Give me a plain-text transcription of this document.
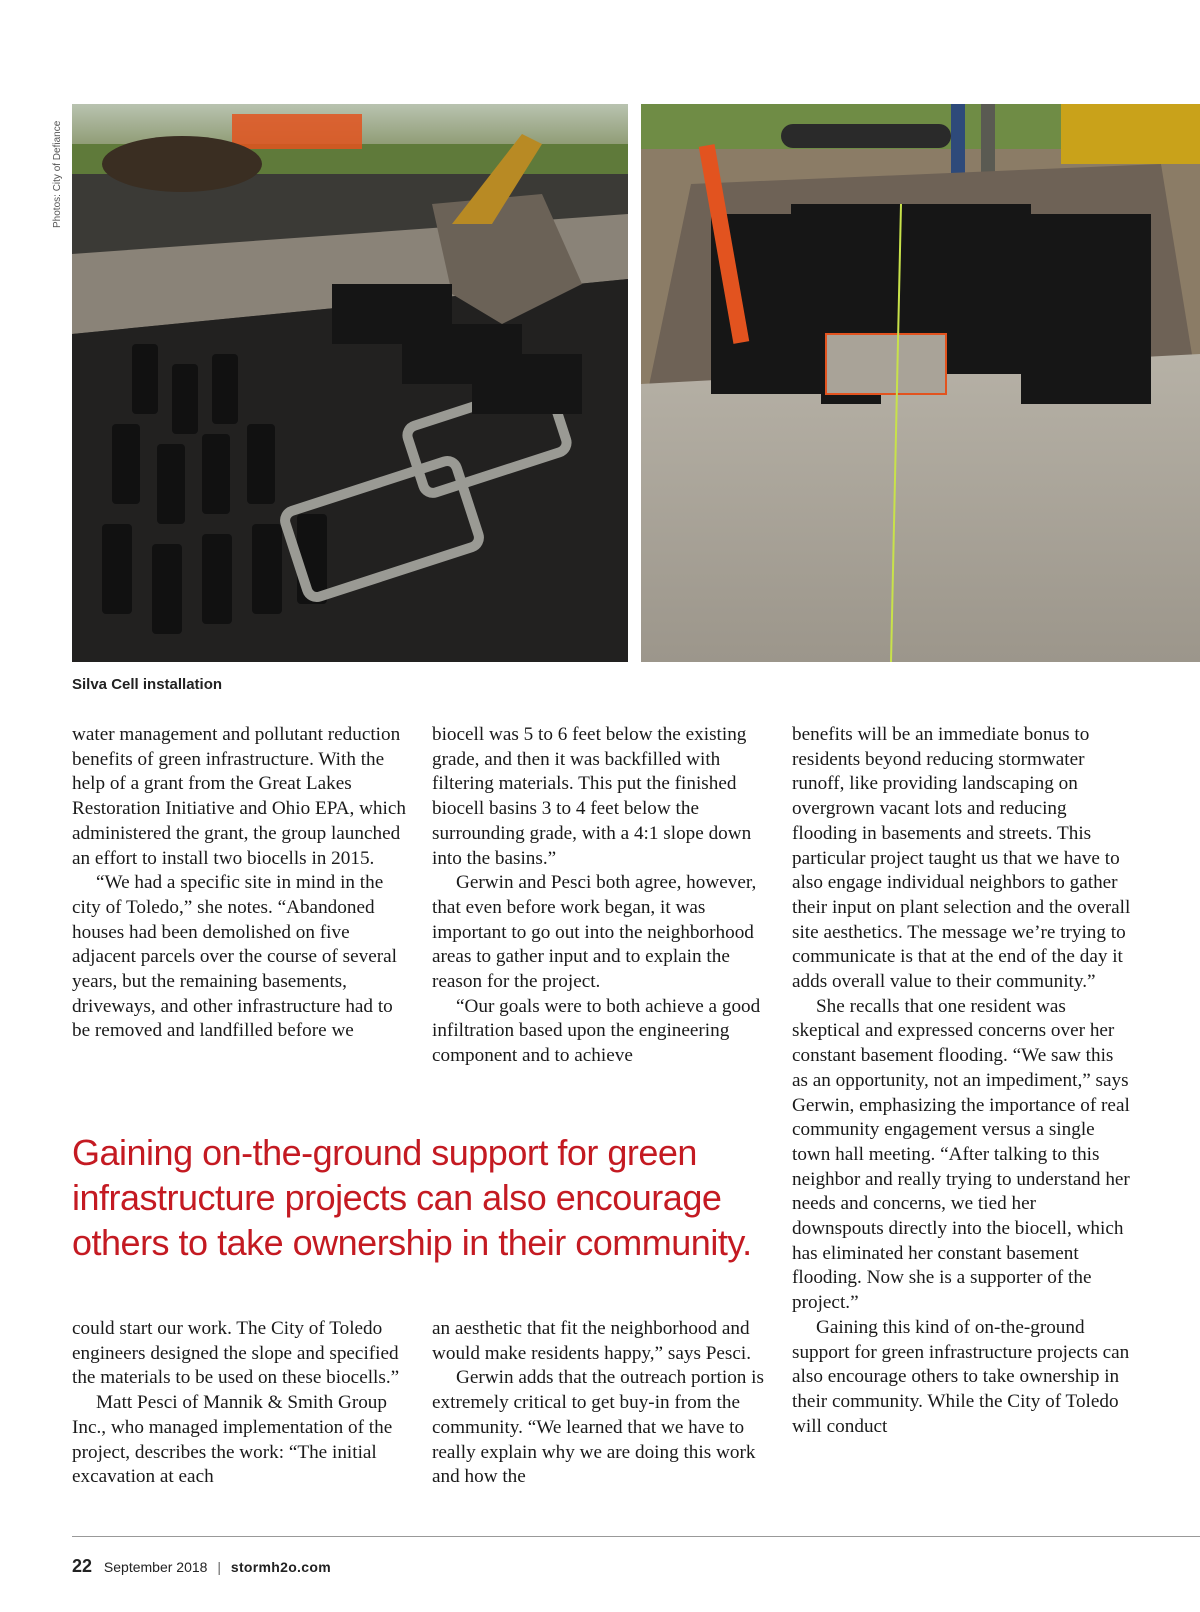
Photos: City of Defiance
Silva Cell installation

water management and pollutant reduction benefits of green infrastructure. With the help of a grant from the Great Lakes Restoration Initiative and Ohio EPA, which administered the grant, the group launched an effort to install two biocells in 2015.

“We had a specific site in mind in the city of Toledo,” she notes. “Abandoned houses had been demolished on five adjacent parcels over the course of several years, but the remaining basements, driveways, and other infrastructure had to be removed and landfilled before we

biocell was 5 to 6 feet below the existing grade, and then it was backfilled with filtering materials. This put the finished biocell basins 3 to 4 feet below the surrounding grade, with a 4:1 slope down into the basins.”

Gerwin and Pesci both agree, however, that even before work began, it was important to go out into the neighborhood areas to gather input and to explain the reason for the project.

“Our goals were to both achieve a good infiltration based upon the engineering component and to achieve

benefits will be an immediate bonus to residents beyond reducing stormwater runoff, like providing landscaping on overgrown vacant lots and reducing flooding in basements and streets. This particular project taught us that we have to also engage individual neighbors to gather their input on plant selection and the overall site aesthetics. The message we’re trying to communicate is that at the end of the day it adds overall value to their community.”

She recalls that one resident was skeptical and expressed concerns over her constant basement flooding. “We saw this as an opportunity, not an impediment,” says Gerwin, emphasizing the importance of real community engagement versus a single town hall meeting. “After talking to this neighbor and really trying to understand her needs and concerns, we tied her downspouts directly into the biocell, which has eliminated her constant basement flooding. Now she is a supporter of the project.”

Gaining this kind of on-the-ground support for green infrastructure projects can also encourage others to take ownership in their community. While the City of Toledo will conduct

Gaining on-the-ground support for green infrastructure projects can also encourage others to take ownership in their community.

could start our work. The City of Toledo engineers designed the slope and specified the materials to be used on these biocells.”

Matt Pesci of Mannik & Smith Group Inc., who managed implementation of the project, describes the work: “The initial excavation at each

an aesthetic that fit the neighborhood and would make residents happy,” says Pesci.

Gerwin adds that the outreach portion is extremely critical to get buy-in from the community. “We learned that we have to really explain why we are doing this work and how the

22 September 2018 | stormh2o.com
